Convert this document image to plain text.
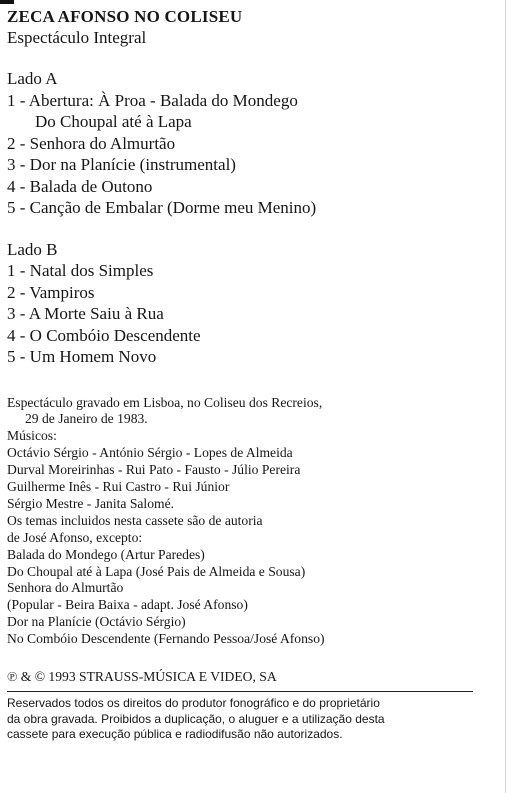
ZECA AFONSO NO COLISEU
Espectáculo Integral
Lado A
1 - Abertura: À Proa - Balada do Mondego
Do Choupal até à Lapa
2 - Senhora do Almurtão
3 - Dor na Planície (instrumental)
4 - Balada de Outono
5 - Canção de Embalar (Dorme meu Menino)
Lado B
1 - Natal dos Simples
2 - Vampiros
3 - A Morte Saiu à Rua
4 - O Combóio Descendente
5 - Um Homem Novo
Espectáculo gravado em Lisboa, no Coliseu dos Recreios,
29 de Janeiro de 1983.
Músicos:
Octávio Sérgio - António Sérgio - Lopes de Almeida
Durval Moreirinhas - Rui Pato - Fausto - Júlio Pereira
Guilherme Inês - Rui Castro - Rui Júnior
Sérgio Mestre - Janita Salomé.
Os temas incluidos nesta cassete são de autoria
de José Afonso, excepto:
Balada do Mondego (Artur Paredes)
Do Choupal até à Lapa (José Pais de Almeida e Sousa)
Senhora do Almurtão
(Popular - Beira Baixa - adapt. José Afonso)
Dor na Planície (Octávio Sérgio)
No Combóio Descendente (Fernando Pessoa/José Afonso)
℗ & © 1993 STRAUSS-MÚSICA E VIDEO, SA
Reservados todos os direitos do produtor fonográfico e do proprietário
da obra gravada. Proibidos a duplicação, o aluguer e a utilização desta
cassete para execução pública e radiodifusão não autorizados.
